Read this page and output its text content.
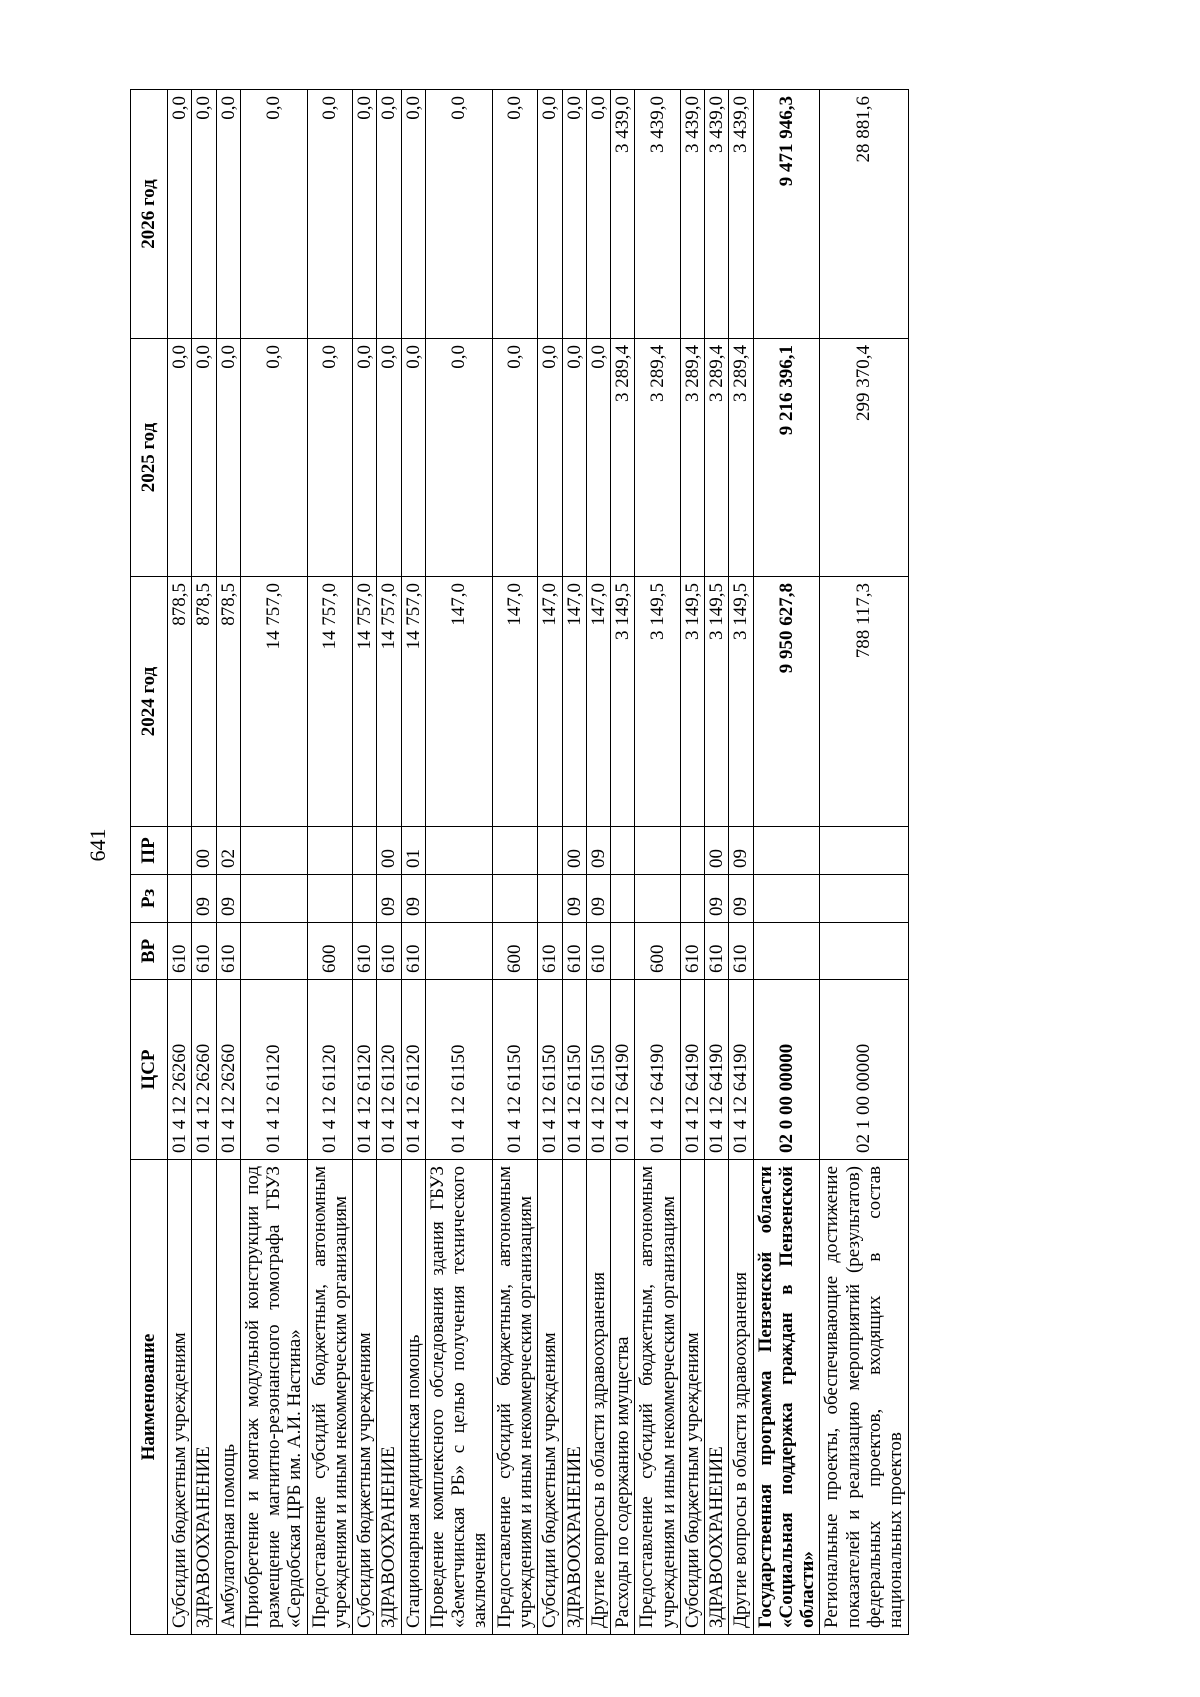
641
Наименование	ЦСР	ВР	Рз	ПР	2024 год	2025 год	2026 год
Субсидии бюджетным учреждениям	01 4 12 26260	610			878,5	0,0	0,0
ЗДРАВООХРАНЕНИЕ	01 4 12 26260	610	09	00	878,5	0,0	0,0
Амбулаторная помощь	01 4 12 26260	610	09	02	878,5	0,0	0,0
Приобретение и монтаж модульной конструкции под размещение магнитно-резонансного томографа ГБУЗ «Сердобская ЦРБ им. А.И. Настина»	01 4 12 61120				14 757,0	0,0	0,0
Предоставление субсидий бюджетным, автономным учреждениям и иным некоммерческим организациям	01 4 12 61120	600			14 757,0	0,0	0,0
Субсидии бюджетным учреждениям	01 4 12 61120	610			14 757,0	0,0	0,0
ЗДРАВООХРАНЕНИЕ	01 4 12 61120	610	09	00	14 757,0	0,0	0,0
Стационарная медицинская помощь	01 4 12 61120	610	09	01	14 757,0	0,0	0,0
Проведение комплексного обследования здания ГБУЗ «Земетчинская РБ» с целью получения технического заключения	01 4 12 61150				147,0	0,0	0,0
Предоставление субсидий бюджетным, автономным учреждениям и иным некоммерческим организациям	01 4 12 61150	600			147,0	0,0	0,0
Субсидии бюджетным учреждениям	01 4 12 61150	610			147,0	0,0	0,0
ЗДРАВООХРАНЕНИЕ	01 4 12 61150	610	09	00	147,0	0,0	0,0
Другие вопросы в области здравоохранения	01 4 12 61150	610	09	09	147,0	0,0	0,0
Расходы по содержанию имущества	01 4 12 64190				3 149,5	3 289,4	3 439,0
Предоставление субсидий бюджетным, автономным учреждениям и иным некоммерческим организациям	01 4 12 64190	600			3 149,5	3 289,4	3 439,0
Субсидии бюджетным учреждениям	01 4 12 64190	610			3 149,5	3 289,4	3 439,0
ЗДРАВООХРАНЕНИЕ	01 4 12 64190	610	09	00	3 149,5	3 289,4	3 439,0
Другие вопросы в области здравоохранения	01 4 12 64190	610	09	09	3 149,5	3 289,4	3 439,0
Государственная программа Пензенской области «Социальная поддержка граждан в Пензенской области»	02 0 00 00000				9 950 627,8	9 216 396,1	9 471 946,3
Региональные проекты, обеспечивающие достижение показателей и реализацию мероприятий (результатов) федеральных проектов, входящих в состав национальных проектов	02 1 00 00000				788 117,3	299 370,4	28 881,6
